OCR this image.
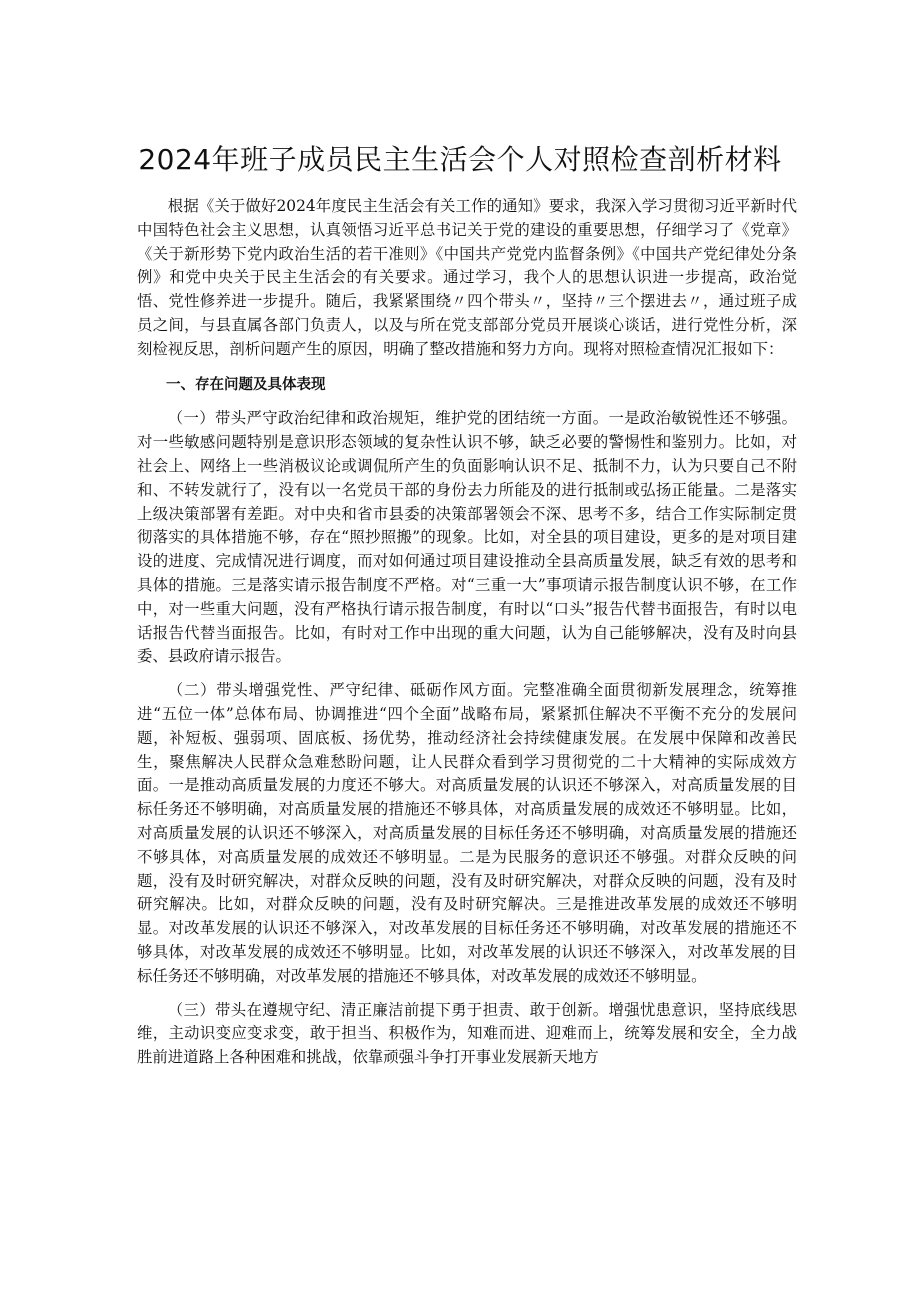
2024年班子成员民主生活会个人对照检查剖析材料

根据《关于做好2024年度民主生活会有关工作的通知》要求，我深入学习贯彻习近平新时代中国特色社会主义思想，认真领悟习近平总书记关于党的建设的重要思想，仔细学习了《党章》《关于新形势下党内政治生活的若干准则》《中国共产党党内监督条例》《中国共产党纪律处分条例》和党中央关于民主生活会的有关要求。通过学习，我个人的思想认识进一步提高，政治觉悟、党性修养进一步提升。随后，我紧紧围绕〃四个带头〃，坚持〃三个摆进去〃，通过班子成员之间，与县直属各部门负责人，以及与所在党支部部分党员开展谈心谈话，进行党性分析，深刻检视反思，剖析问题产生的原因，明确了整改措施和努力方向。现将对照检查情况汇报如下：

一、存在问题及具体表现

（一）带头严守政治纪律和政治规矩，维护党的团结统一方面。一是政治敏锐性还不够强。对一些敏感问题特别是意识形态领域的复杂性认识不够，缺乏必要的警惕性和鉴别力。比如，对社会上、网络上一些消极议论或调侃所产生的负面影响认识不足、抵制不力，认为只要自己不附和、不转发就行了，没有以一名党员干部的身份去力所能及的进行抵制或弘扬正能量。二是落实上级决策部署有差距。对中央和省市县委的决策部署领会不深、思考不多，结合工作实际制定贯彻落实的具体措施不够，存在“照抄照搬”的现象。比如，对全县的项目建设，更多的是对项目建设的进度、完成情况进行调度，而对如何通过项目建设推动全县高质量发展，缺乏有效的思考和具体的措施。三是落实请示报告制度不严格。对“三重一大”事项请示报告制度认识不够，在工作中，对一些重大问题，没有严格执行请示报告制度，有时以“口头”报告代替书面报告，有时以电话报告代替当面报告。比如，有时对工作中出现的重大问题，认为自己能够解决，没有及时向县委、县政府请示报告。

（二）带头增强党性、严守纪律、砥砺作风方面。完整准确全面贯彻新发展理念，统筹推进“五位一体”总体布局、协调推进“四个全面”战略布局，紧紧抓住解决不平衡不充分的发展问题，补短板、强弱项、固底板、扬优势，推动经济社会持续健康发展。在发展中保障和改善民生，聚焦解决人民群众急难愁盼问题，让人民群众看到学习贯彻党的二十大精神的实际成效方面。一是推动高质量发展的力度还不够大。对高质量发展的认识还不够深入，对高质量发展的目标任务还不够明确，对高质量发展的措施还不够具体，对高质量发展的成效还不够明显。比如，对高质量发展的认识还不够深入，对高质量发展的目标任务还不够明确，对高质量发展的措施还不够具体，对高质量发展的成效还不够明显。二是为民服务的意识还不够强。对群众反映的问题，没有及时研究解决，对群众反映的问题，没有及时研究解决，对群众反映的问题，没有及时研究解决。比如，对群众反映的问题，没有及时研究解决。三是推进改革发展的成效还不够明显。对改革发展的认识还不够深入，对改革发展的目标任务还不够明确，对改革发展的措施还不够具体，对改革发展的成效还不够明显。比如，对改革发展的认识还不够深入，对改革发展的目标任务还不够明确，对改革发展的措施还不够具体，对改革发展的成效还不够明显。

（三）带头在遵规守纪、清正廉洁前提下勇于担责、敢于创新。增强忧患意识，坚持底线思维，主动识变应变求变，敢于担当、积极作为，知难而进、迎难而上，统筹发展和安全，全力战胜前进道路上各种困难和挑战，依靠顽强斗争打开事业发展新天地方
